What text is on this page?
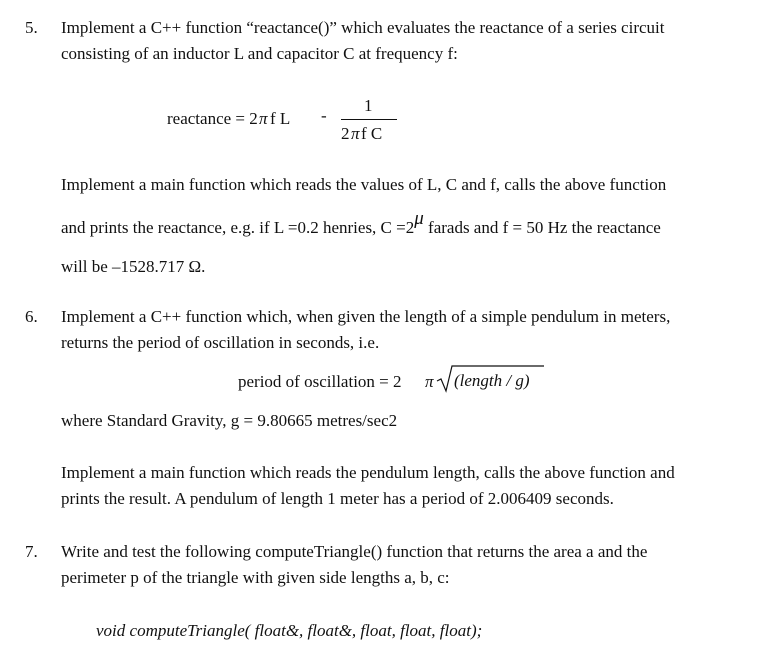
5. Implement a C++ function “reactance()” which evaluates the reactance of a series circuit
consisting of an inductor L and capacitor C at frequency f:
reactance = 2 π f L -
1
2 π f C
Implement a main function which reads the values of L, C and f, calls the above function
and prints the reactance, e.g. if L =0.2 henries, C =2μ farads and f = 50 Hz the reactance
will be –1528.717 Ω.
6. Implement a C++ function which, when given the length of a simple pendulum in meters,
returns the period of oscillation in seconds, i.e.
period of oscillation = 2 π (length / g)
where Standard Gravity, g = 9.80665 metres/sec2
Implement a main function which reads the pendulum length, calls the above function and
prints the result. A pendulum of length 1 meter has a period of 2.006409 seconds.
7. Write and test the following computeTriangle() function that returns the area a and the
perimeter p of the triangle with given side lengths a, b, c:
void computeTriangle( float&, float&, float, float, float);
